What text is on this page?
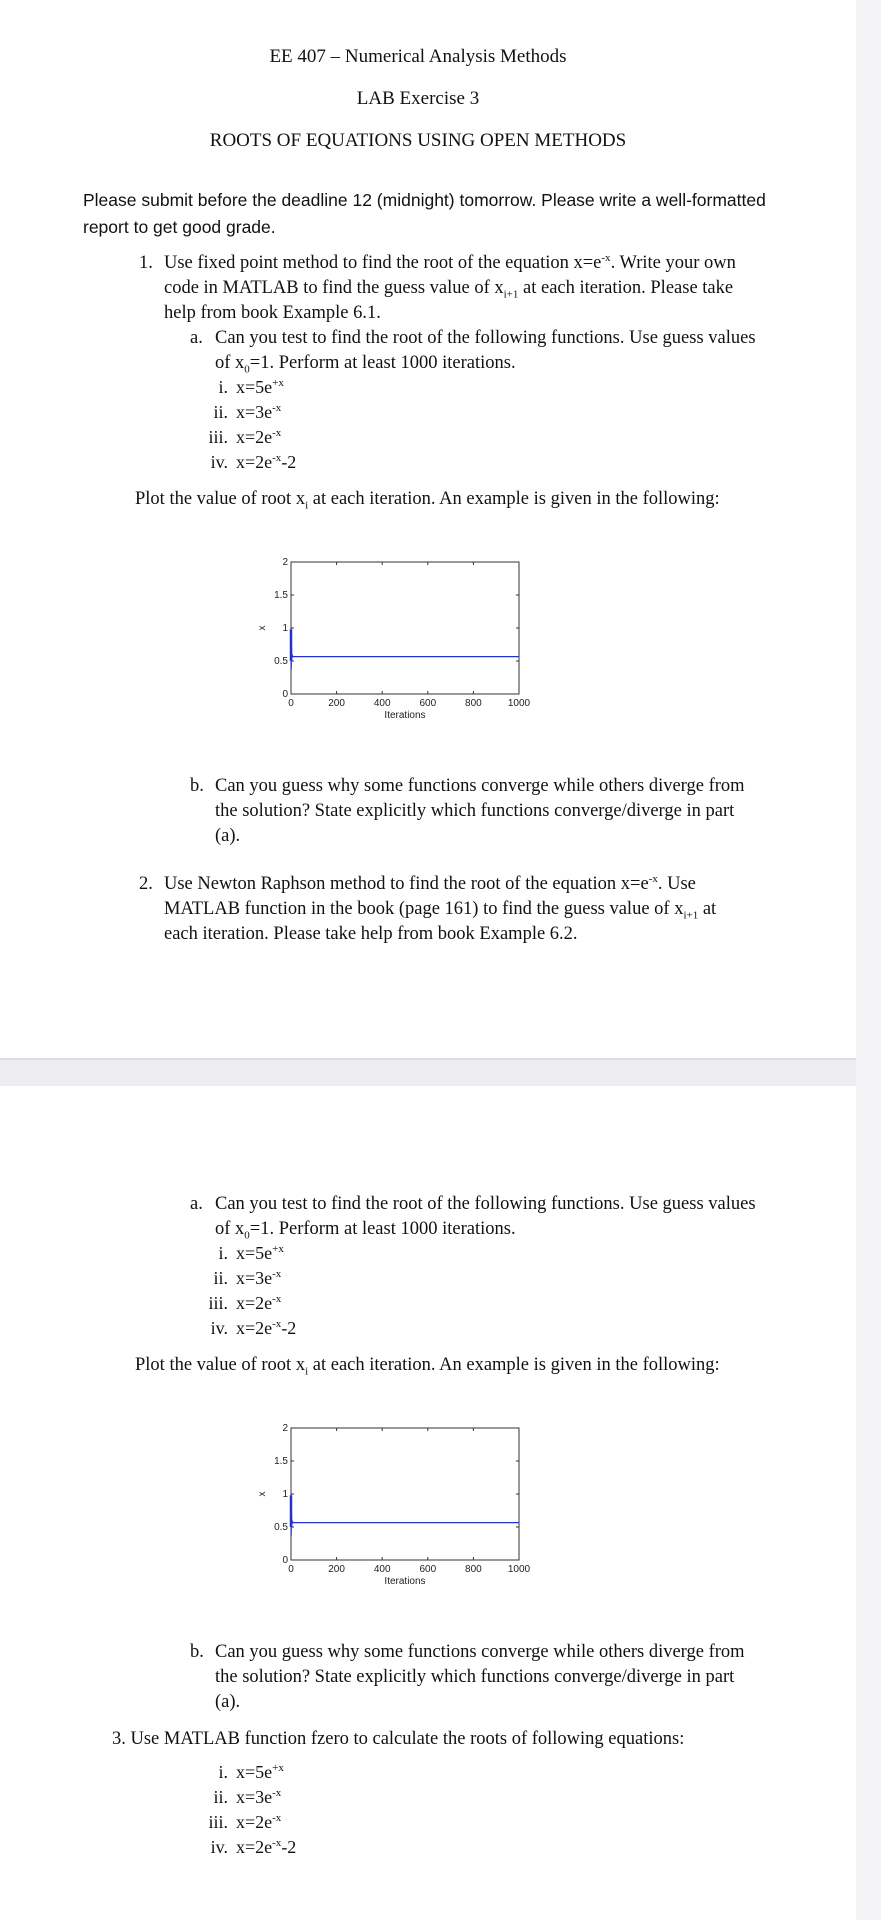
EE 407 – Numerical Analysis Methods
LAB Exercise 3
ROOTS OF EQUATIONS USING OPEN METHODS
Please submit before the deadline 12 (midnight) tomorrow. Please write a well-formatted report to get good grade.
1. Use fixed point method to find the root of the equation $x=e^{-x}$. Write your own code in MATLAB to find the guess value of $x_{i+1}$ at each iteration. Please take help from book Example 6.1.
a. Can you test to find the root of the following functions. Use guess values of $x_0=1$. Perform at least 1000 iterations.
i. $x=5e^{+x}$
ii. $x=3e^{-x}$
iii. $x=2e^{-x}$
iv. $x=2e^{-x}-2$
Plot the value of root $x_i$ at each iteration. An example is given in the following:
0	200	400	600	800	1000
0
0.5
1
1.5
2
Iterations
x
b. Can you guess why some functions converge while others diverge from the solution? State explicitly which functions converge/diverge in part (a).
2. Use Newton Raphson method to find the root of the equation $x=e^{-x}$. Use MATLAB function in the book (page 161) to find the guess value of $x_{i+1}$ at each iteration. Please take help from book Example 6.2.
a. Can you test to find the root of the following functions. Use guess values of $x_0=1$. Perform at least 1000 iterations.
i. $x=5e^{+x}$
ii. $x=3e^{-x}$
iii. $x=2e^{-x}$
iv. $x=2e^{-x}-2$
Plot the value of root $x_i$ at each iteration. An example is given in the following:
0	200	400	600	800	1000
0
0.5
1
1.5
2
Iterations
x
b. Can you guess why some functions converge while others diverge from the solution? State explicitly which functions converge/diverge in part (a).
3. Use MATLAB function fzero to calculate the roots of following equations:
i. $x=5e^{+x}$
ii. $x=3e^{-x}$
iii. $x=2e^{-x}$
iv. $x=2e^{-x}-2$
